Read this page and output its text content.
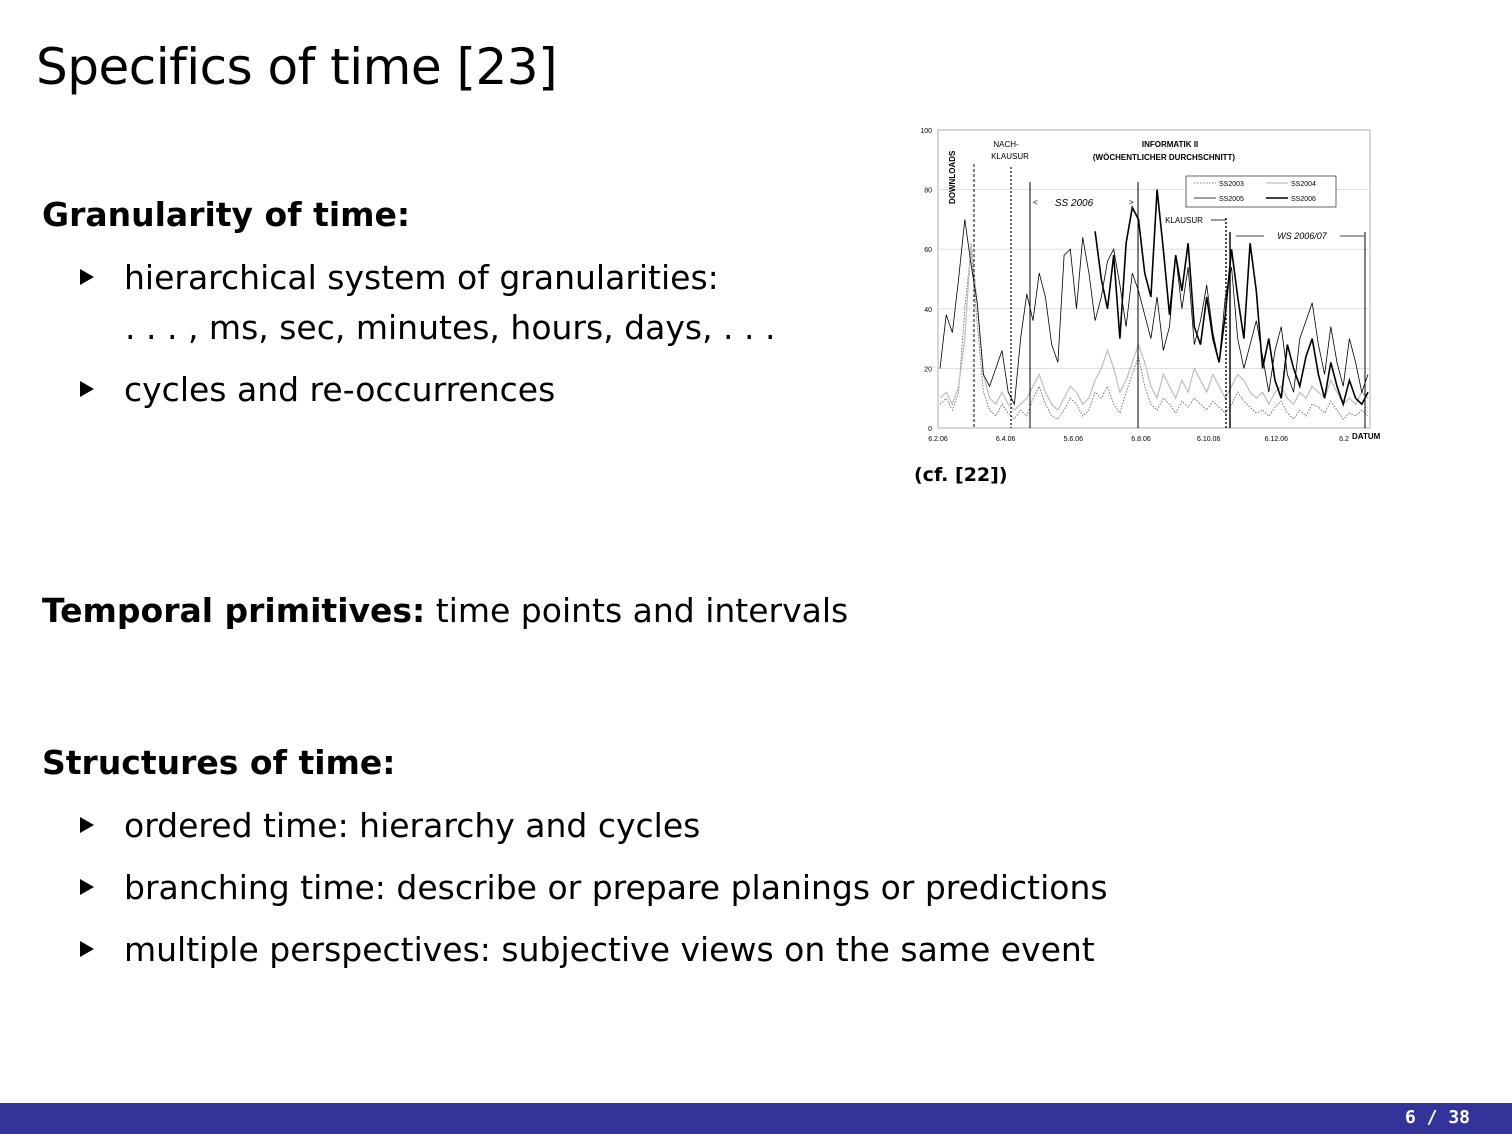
Specifics of time [23]
Granularity of time:
hierarchical system of granularities:
. . . , ms, sec, minutes, hours, days, . . .
cycles and re-occurrences
Temporal primitives: time points and intervals
Structures of time:
ordered time: hierarchy and cycles
branching time: describe or prepare planings or predictions
multiple perspectives: subjective views on the same event
0
20
40
60
80
100
6.2.06	6.4.06	5.6.06	6.8.06	6.10.06	6.12.06	6.2
NACH-
KLAUSUR
< SS 2006	>
KLAUSUR
WS 2006/07
INFORMATIK II
(WÖCHENTLICHER DURCHSCHNITT)
DOWNLOADS
DATUM
SS2003	SS2004
SS2005	SS2006
(cf. [22])
6 / 38
